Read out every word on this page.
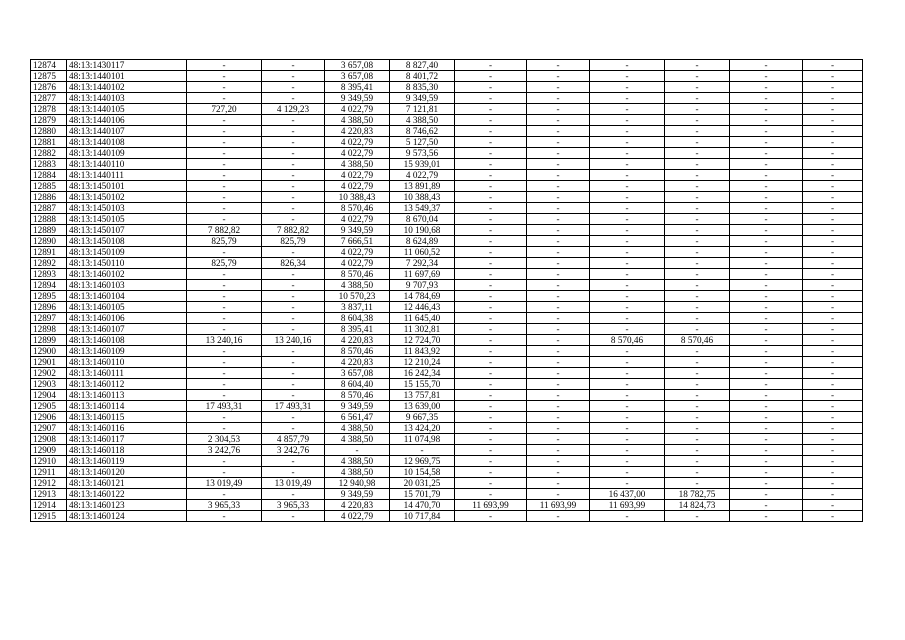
12874	48:13:1430117	-	-	3 657,08	8 827,40	-	-	-	-	-	-
12875	48:13:1440101	-	-	3 657,08	8 401,72	-	-	-	-	-	-
12876	48:13:1440102	-	-	8 395,41	8 835,30	-	-	-	-	-	-
12877	48:13:1440103	-	-	9 349,59	9 349,59	-	-	-	-	-	-
12878	48:13:1440105	727,20	4 129,23	4 022,79	7 121,81	-	-	-	-	-	-
12879	48:13:1440106	-	-	4 388,50	4 388,50	-	-	-	-	-	-
12880	48:13:1440107	-	-	4 220,83	8 746,62	-	-	-	-	-	-
12881	48:13:1440108	-	-	4 022,79	5 127,50	-	-	-	-	-	-
12882	48:13:1440109	-	-	4 022,79	9 573,56	-	-	-	-	-	-
12883	48:13:1440110	-	-	4 388,50	15 939,01	-	-	-	-	-	-
12884	48:13:1440111	-	-	4 022,79	4 022,79	-	-	-	-	-	-
12885	48:13:1450101	-	-	4 022,79	13 891,89	-	-	-	-	-	-
12886	48:13:1450102	-	-	10 388,43	10 388,43	-	-	-	-	-	-
12887	48:13:1450103	-	-	8 570,46	13 549,37	-	-	-	-	-	-
12888	48:13:1450105	-	-	4 022,79	8 670,04	-	-	-	-	-	-
12889	48:13:1450107	7 882,82	7 882,82	9 349,59	10 190,68	-	-	-	-	-	-
12890	48:13:1450108	825,79	825,79	7 666,51	8 624,89	-	-	-	-	-	-
12891	48:13:1450109	-	-	4 022,79	11 060,52	-	-	-	-	-	-
12892	48:13:1450110	825,79	826,34	4 022,79	7 292,34	-	-	-	-	-	-
12893	48:13:1460102	-	-	8 570,46	11 697,69	-	-	-	-	-	-
12894	48:13:1460103	-	-	4 388,50	9 707,93	-	-	-	-	-	-
12895	48:13:1460104	-	-	10 570,23	14 784,69	-	-	-	-	-	-
12896	48:13:1460105	-	-	3 837,11	12 446,43	-	-	-	-	-	-
12897	48:13:1460106	-	-	8 604,38	11 645,40	-	-	-	-	-	-
12898	48:13:1460107	-	-	8 395,41	11 302,81	-	-	-	-	-	-
12899	48:13:1460108	13 240,16	13 240,16	4 220,83	12 724,70	-	-	8 570,46	8 570,46	-	-
12900	48:13:1460109	-	-	8 570,46	11 843,92	-	-	-	-	-	-
12901	48:13:1460110	-	-	4 220,83	12 210,24	-	-	-	-	-	-
12902	48:13:1460111	-	-	3 657,08	16 242,34	-	-	-	-	-	-
12903	48:13:1460112	-	-	8 604,40	15 155,70	-	-	-	-	-	-
12904	48:13:1460113	-	-	8 570,46	13 757,81	-	-	-	-	-	-
12905	48:13:1460114	17 493,31	17 493,31	9 349,59	13 639,00	-	-	-	-	-	-
12906	48:13:1460115	-	-	6 561,47	9 667,35	-	-	-	-	-	-
12907	48:13:1460116	-	-	4 388,50	13 424,20	-	-	-	-	-	-
12908	48:13:1460117	2 304,53	4 857,79	4 388,50	11 074,98	-	-	-	-	-	-
12909	48:13:1460118	3 242,76	3 242,76	-	-	-	-	-	-	-	-
12910	48:13:1460119	-	-	4 388,50	12 969,75	-	-	-	-	-	-
12911	48:13:1460120	-	-	4 388,50	10 154,58	-	-	-	-	-	-
12912	48:13:1460121	13 019,49	13 019,49	12 940,98	20 031,25	-	-	-	-	-	-
12913	48:13:1460122	-	-	9 349,59	15 701,79	-	-	16 437,00	18 782,75	-	-
12914	48:13:1460123	3 965,33	3 965,33	4 220,83	14 470,70	11 693,99	11 693,99	11 693,99	14 824,73	-	-
12915	48:13:1460124	-	-	4 022,79	10 717,84	-	-	-	-	-	-
